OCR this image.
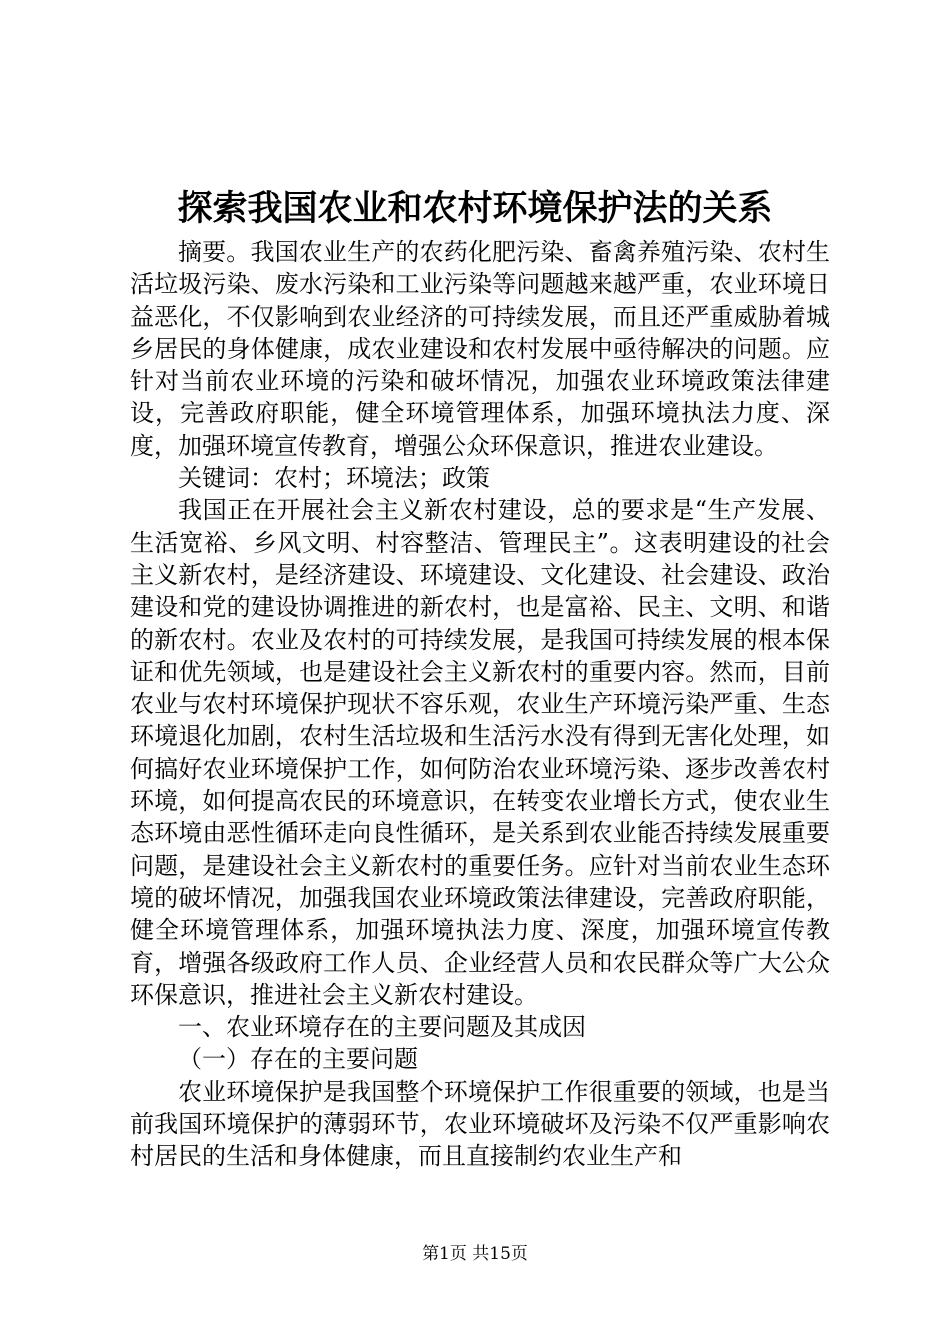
探索我国农业和农村环境保护法的关系

摘要。我国农业生产的农药化肥污染、畜禽养殖污染、农村生活垃圾污染、废水污染和工业污染等问题越来越严重，农业环境日益恶化，不仅影响到农业经济的可持续发展，而且还严重威胁着城乡居民的身体健康，成农业建设和农村发展中亟待解决的问题。应针对当前农业环境的污染和破坏情况，加强农业环境政策法律建设，完善政府职能，健全环境管理体系，加强环境执法力度、深度，加强环境宣传教育，增强公众环保意识，推进农业建设。

关键词：农村；环境法；政策

我国正在开展社会主义新农村建设，总的要求是“生产发展、生活宽裕、乡风文明、村容整洁、管理民主”。这表明建设的社会主义新农村，是经济建设、环境建设、文化建设、社会建设、政治建设和党的建设协调推进的新农村，也是富裕、民主、文明、和谐的新农村。农业及农村的可持续发展，是我国可持续发展的根本保证和优先领域，也是建设社会主义新农村的重要内容。然而，目前农业与农村环境保护现状不容乐观，农业生产环境污染严重、生态环境退化加剧，农村生活垃圾和生活污水没有得到无害化处理，如何搞好农业环境保护工作，如何防治农业环境污染、逐步改善农村环境，如何提高农民的环境意识，在转变农业增长方式，使农业生态环境由恶性循环走向良性循环，是关系到农业能否持续发展重要问题，是建设社会主义新农村的重要任务。应针对当前农业生态环境的破坏情况，加强我国农业环境政策法律建设，完善政府职能，健全环境管理体系，加强环境执法力度、深度，加强环境宣传教育，增强各级政府工作人员、企业经营人员和农民群众等广大公众环保意识，推进社会主义新农村建设。

一、农业环境存在的主要问题及其成因

（一）存在的主要问题

农业环境保护是我国整个环境保护工作很重要的领域，也是当前我国环境保护的薄弱环节，农业环境破坏及污染不仅严重影响农村居民的生活和身体健康，而且直接制约农业生产和

第1页 共15页
